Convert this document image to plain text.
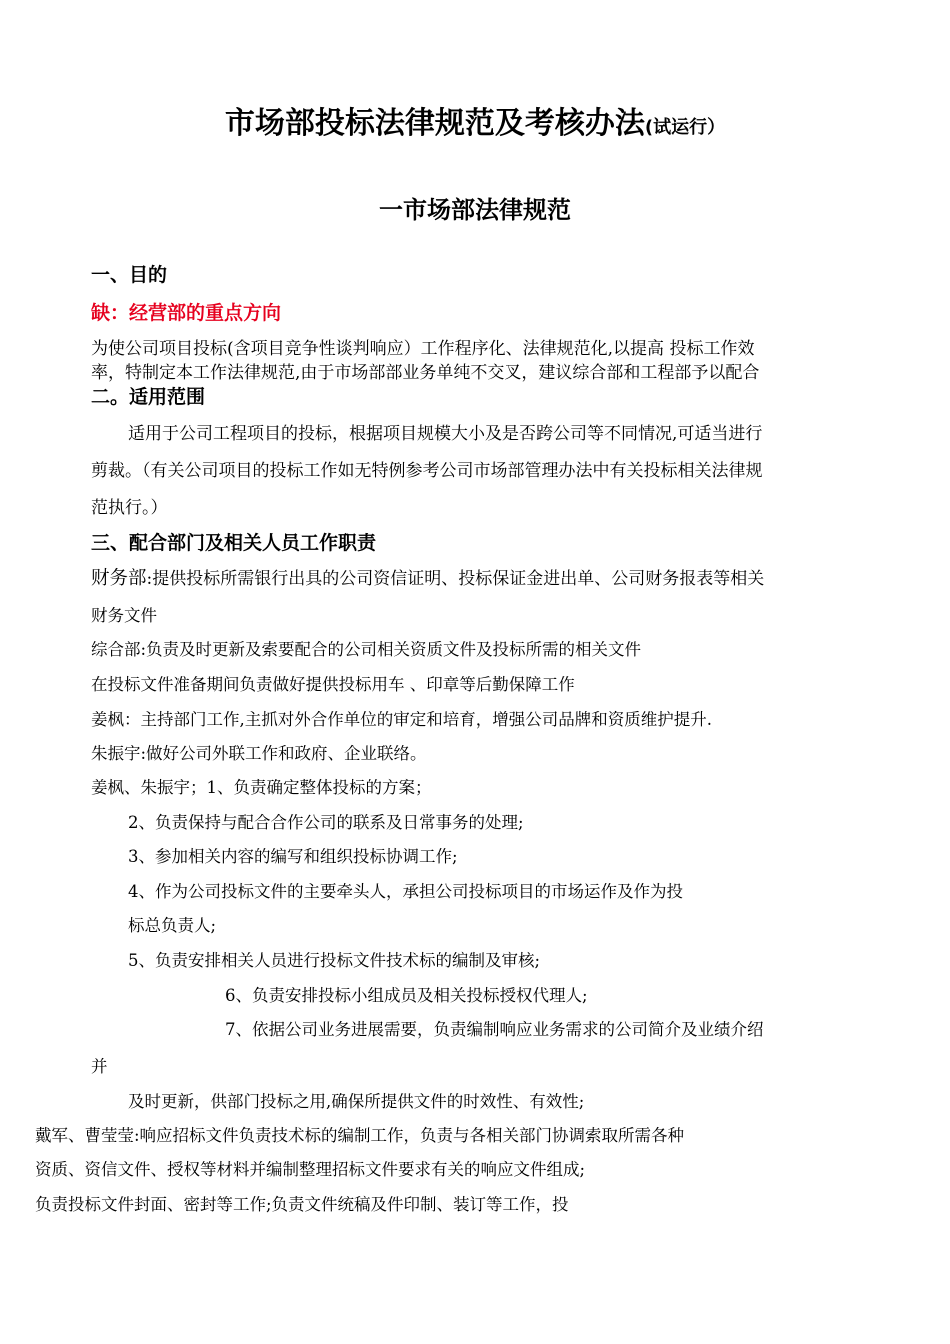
市场部投标法律规范及考核办法(试运行）
一市场部法律规范
一、目的
缺：经营部的重点方向
为使公司项目投标(含项目竞争性谈判响应）工作程序化、法律规范化,以提高 投标工作效
率，特制定本工作法律规范,由于市场部部业务单纯不交叉，建议综合部和工程部予以配合
二。适用范围
适用于公司工程项目的投标，根据项目规模大小及是否跨公司等不同情况,可适当进行
剪裁。（有关公司项目的投标工作如无特例参考公司市场部管理办法中有关投标相关法律规
范执行。）
三、配合部门及相关人员工作职责
财务部:提供投标所需银行出具的公司资信证明、投标保证金进出单、公司财务报表等相关
财务文件
综合部:负责及时更新及索要配合的公司相关资质文件及投标所需的相关文件
在投标文件准备期间负责做好提供投标用车 、印章等后勤保障工作
姜枫：主持部门工作,主抓对外合作单位的审定和培育，增强公司品牌和资质维护提升.
朱振宇:做好公司外联工作和政府、企业联络。
姜枫、朱振宇；1、负责确定整体投标的方案；
2、负责保持与配合合作公司的联系及日常事务的处理;
3、参加相关内容的编写和组织投标协调工作;
4、作为公司投标文件的主要牵头人，承担公司投标项目的市场运作及作为投
标总负责人;
5、负责安排相关人员进行投标文件技术标的编制及审核;
6、负责安排投标小组成员及相关投标授权代理人;
7、依据公司业务进展需要，负责编制响应业务需求的公司简介及业绩介绍
并
及时更新，供部门投标之用,确保所提供文件的时效性、有效性;
戴军、曹莹莹:响应招标文件负责技术标的编制工作，负责与各相关部门协调索取所需各种
资质、资信文件、授权等材料并编制整理招标文件要求有关的响应文件组成;
负责投标文件封面、密封等工作;负责文件统稿及件印制、装订等工作，投
